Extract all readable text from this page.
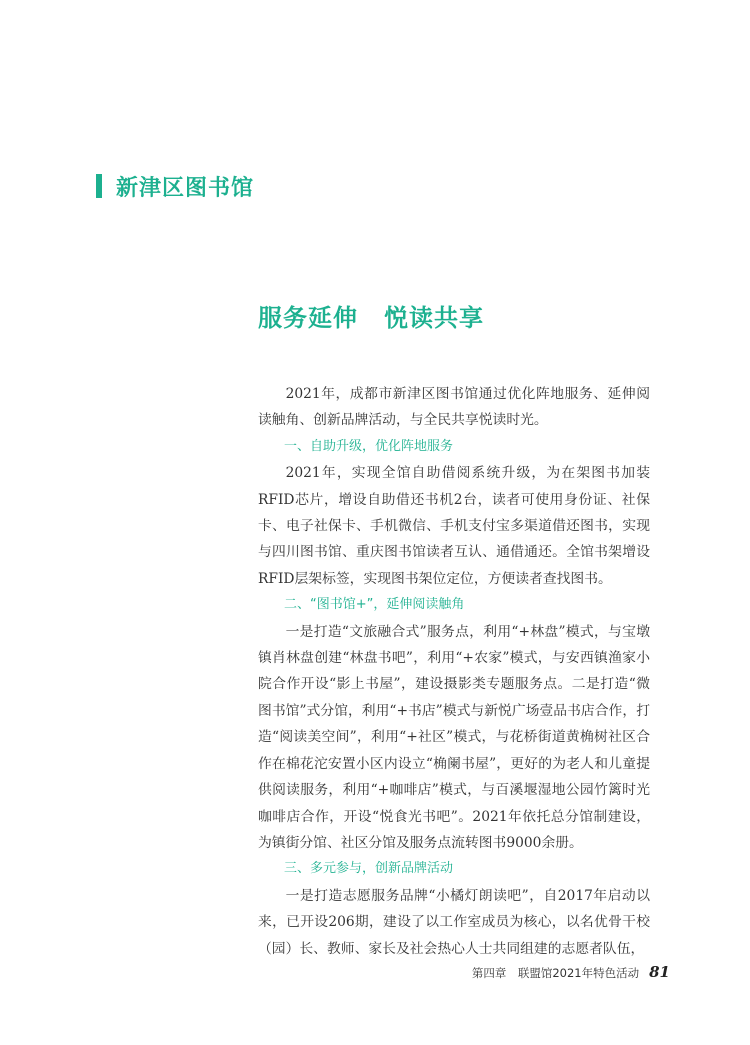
新津区图书馆
服务延伸 悦读共享

2021年，成都市新津区图书馆通过优化阵地服务、延伸阅读触角、创新品牌活动，与全民共享悦读时光。

一、自助升级，优化阵地服务

2021年，实现全馆自助借阅系统升级，为在架图书加装RFID芯片，增设自助借还书机2台，读者可使用身份证、社保卡、电子社保卡、手机微信、手机支付宝多渠道借还图书，实现与四川图书馆、重庆图书馆读者互认、通借通还。全馆书架增设RFID层架标签，实现图书架位定位，方便读者查找图书。

二、“图书馆+”，延伸阅读触角

一是打造“文旅融合式”服务点，利用“+林盘”模式，与宝墩镇肖林盘创建“林盘书吧”，利用“+农家”模式，与安西镇渔家小院合作开设“影上书屋”，建设摄影类专题服务点。二是打造“微图书馆”式分馆，利用“+书店”模式与新悦广场壹品书店合作，打造“阅读美空间”，利用“+社区”模式，与花桥街道黄桷树社区合作在棉花沱安置小区内设立“桷阑书屋”，更好的为老人和儿童提供阅读服务，利用“+咖啡店”模式，与百溪堰湿地公园竹篱时光咖啡店合作，开设“悦食光书吧”。2021年依托总分馆制建设，为镇街分馆、社区分馆及服务点流转图书9000余册。

三、多元参与，创新品牌活动

一是打造志愿服务品牌“小橘灯朗读吧”，自2017年启动以来，已开设206期，建设了以工作室成员为核心，以名优骨干校（园）长、教师、家长及社会热心人士共同组建的志愿者队伍，

第四章　联盟馆2021年特色活动 81
